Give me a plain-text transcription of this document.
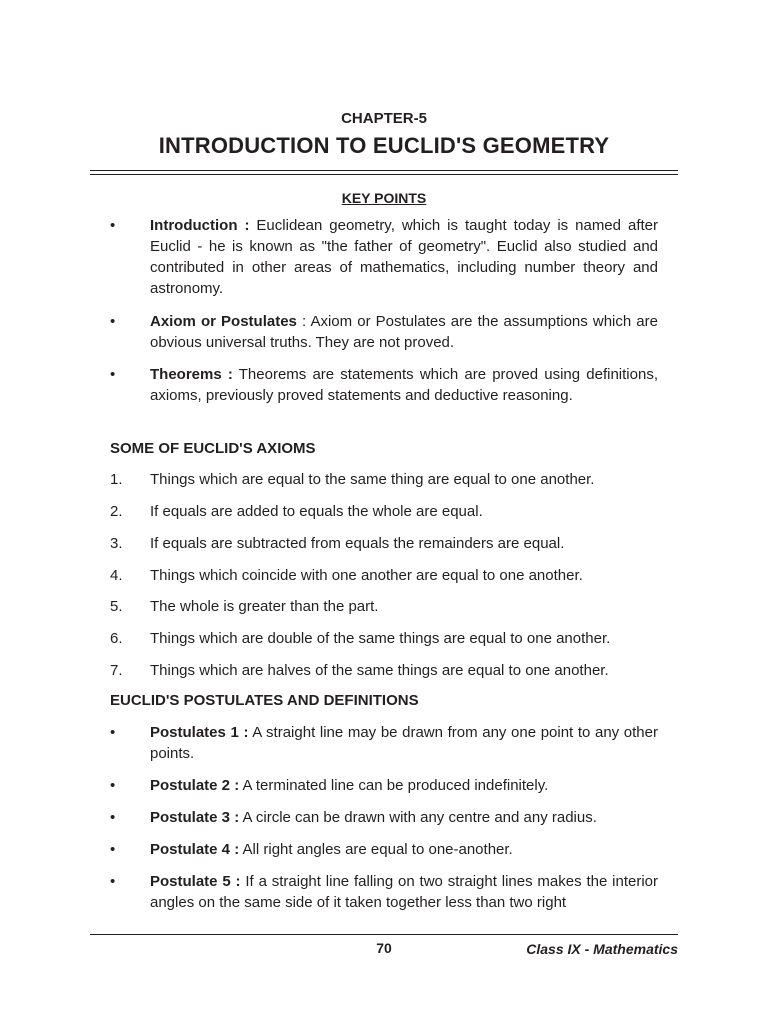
CHAPTER-5
INTRODUCTION TO EUCLID'S GEOMETRY
KEY POINTS
• Introduction : Euclidean geometry, which is taught today is named after Euclid - he is known as "the father of geometry". Euclid also studied and contributed in other areas of mathematics, including number theory and astronomy.
• Axiom or Postulates : Axiom or Postulates are the assumptions which are obvious universal truths. They are not proved.
• Theorems : Theorems are statements which are proved using definitions, axioms, previously proved statements and deductive reasoning.
SOME OF EUCLID'S AXIOMS
1. Things which are equal to the same thing are equal to one another.
2. If equals are added to equals the whole are equal.
3. If equals are subtracted from equals the remainders are equal.
4. Things which coincide with one another are equal to one another.
5. The whole is greater than the part.
6. Things which are double of the same things are equal to one another.
7. Things which are halves of the same things are equal to one another.
EUCLID'S POSTULATES AND DEFINITIONS
• Postulates 1 : A straight line may be drawn from any one point to any other points.
• Postulate 2 : A terminated line can be produced indefinitely.
• Postulate 3 : A circle can be drawn with any centre and any radius.
• Postulate 4 : All right angles are equal to one-another.
• Postulate 5 : If a straight line falling on two straight lines makes the interior angles on the same side of it taken together less than two right
70	Class IX - Mathematics
